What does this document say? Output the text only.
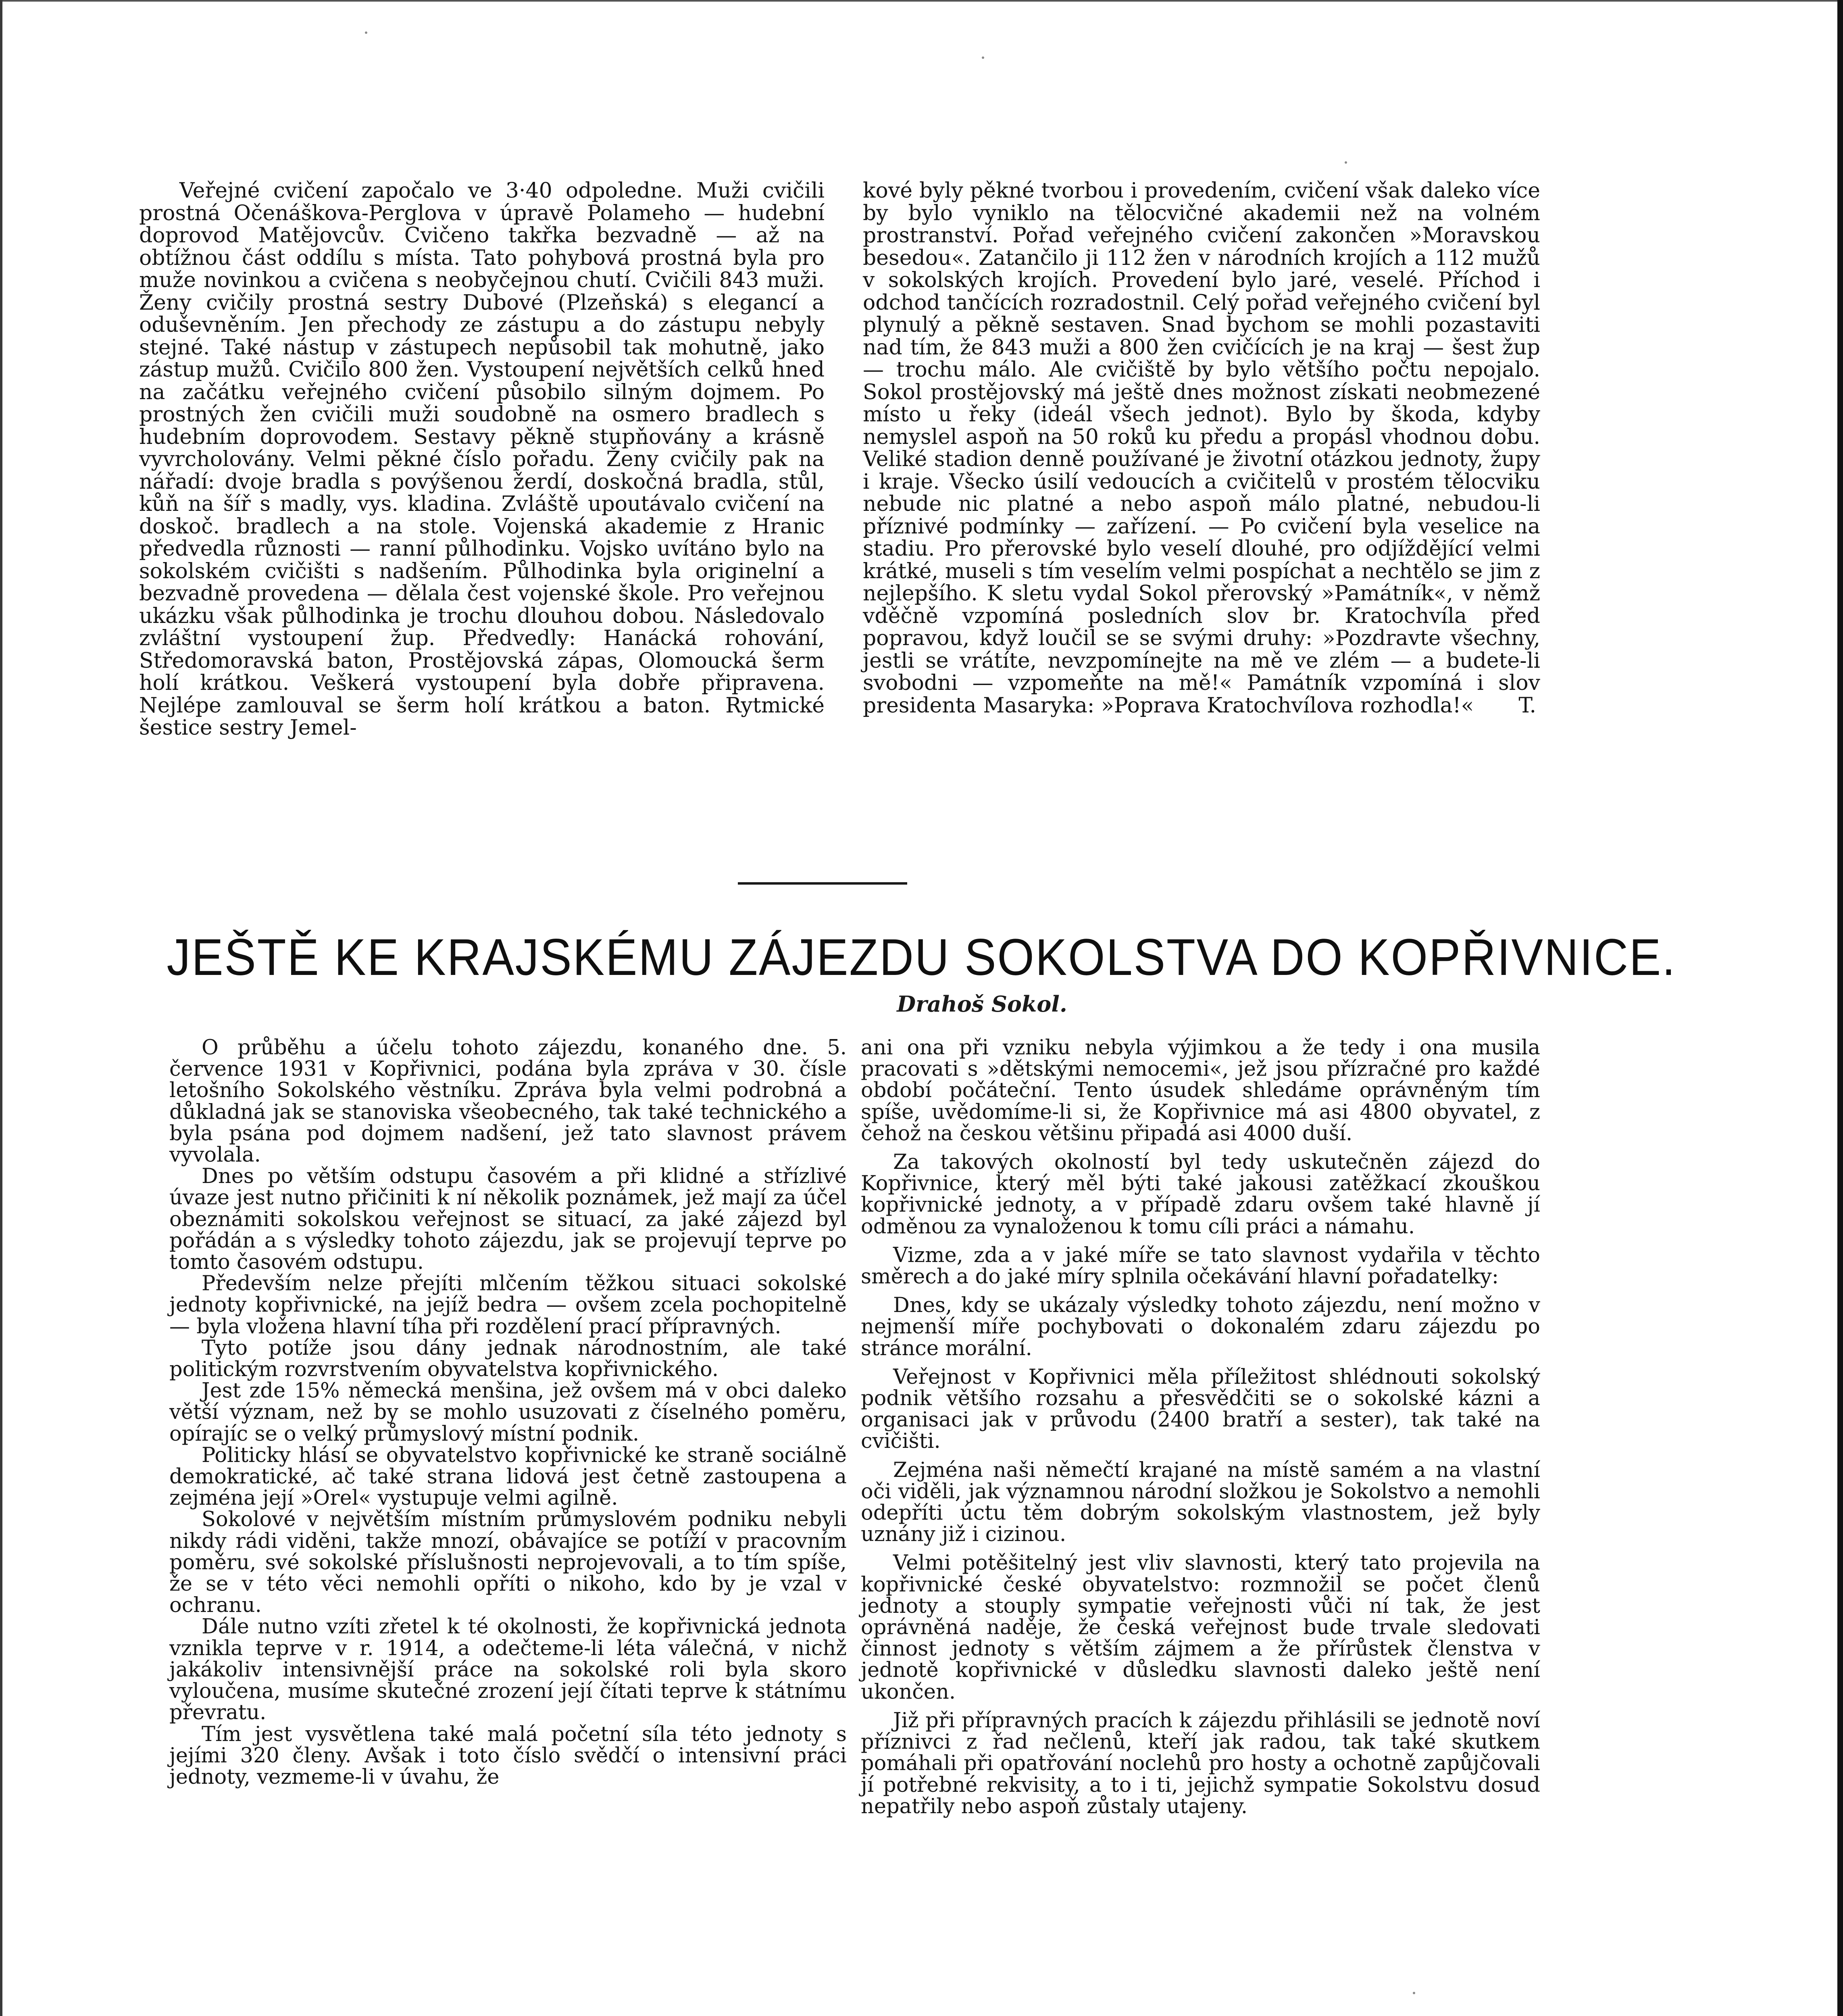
Veřejné cvičení započalo ve 3·40 odpoledne. Muži cvičili prostná Očenáškova-Perglova v úpravě Polameho — hudební doprovod Matějovcův. Cvičeno takřka bezvadně — až na obtížnou část oddílu s místa. Tato pohybová prostná byla pro muže novinkou a cvičena s neobyčejnou chutí. Cvičili 843 muži. Ženy cvičily prostná sestry Dubové (Plzeňská) s elegancí a oduševněním. Jen přechody ze zástupu a do zástupu nebyly stejné. Také nástup v zástupech nepůsobil tak mohutně, jako zástup mužů. Cvičilo 800 žen. Vystoupení největších celků hned na začátku veřejného cvičení působilo silným dojmem. Po prostných žen cvičili muži soudobně na osmero bradlech s hudebním doprovodem. Sestavy pěkně stupňovány a krásně vyvrcholovány. Velmi pěkné číslo pořadu. Ženy cvičily pak na nářadí: dvoje bradla s povýšenou žerdí, doskočná bradla, stůl, kůň na šíř s madly, vys. kladina. Zvláště upoutávalo cvičení na doskoč. bradlech a na stole. Vojenská akademie z Hranic předvedla různosti — ranní půlhodinku. Vojsko uvítáno bylo na sokolském cvičišti s nadšením. Půlhodinka byla originelní a bezvadně provedena — dělala čest vojenské škole. Pro veřejnou ukázku však půlhodinka je trochu dlouhou dobou. Následovalo zvláštní vystoupení žup. Předvedly: Hanácká rohování, Středomoravská baton, Prostějovská zápas, Olomoucká šerm holí krátkou. Veškerá vystoupení byla dobře připravena. Nejlépe zamlouval se šerm holí krátkou a baton. Rytmické šestice sestry Jemel-

kové byly pěkné tvorbou i provedením, cvičení však daleko více by bylo vyniklo na tělocvičné akademii než na volném prostranství. Pořad veřejného cvičení zakončen »Moravskou besedou«. Zatančilo ji 112 žen v národních krojích a 112 mužů v sokolských krojích. Provedení bylo jaré, veselé. Příchod i odchod tančících rozradostnil. Celý pořad veřejného cvičení byl plynulý a pěkně sestaven. Snad bychom se mohli pozastaviti nad tím, že 843 muži a 800 žen cvičících je na kraj — šest žup — trochu málo. Ale cvičiště by bylo většího počtu nepojalo. Sokol prostějovský má ještě dnes možnost získati neobmezené místo u řeky (ideál všech jednot). Bylo by škoda, kdyby nemyslel aspoň na 50 roků ku předu a propásl vhodnou dobu. Veliké stadion denně používané je životní otázkou jednoty, župy i kraje. Všecko úsilí vedoucích a cvičitelů v prostém tělocviku nebude nic platné a nebo aspoň málo platné, nebudou-li příznivé podmínky — zařízení. — Po cvičení byla veselice na stadiu. Pro přerovské bylo veselí dlouhé, pro odjíždějící velmi krátké, museli s tím veselím velmi pospíchat a nechtělo se jim z nejlepšího. K sletu vydal Sokol přerovský »Památník«, v němž vděčně vzpomíná posledních slov br. Kratochvíla před popravou, když loučil se se svými druhy: »Pozdravte všechny, jestli se vrátíte, nevzpomínejte na mě ve zlém — a budete-li svobodni — vzpomeňte na mě!« Památník vzpomíná i slov presidenta Masaryka: »Poprava Kratochvílova rozhodla!« T.

JEŠTĚ KE KRAJSKÉMU ZÁJEZDU SOKOLSTVA DO KOPŘIVNICE.
Drahoš Sokol.

O průběhu a účelu tohoto zájezdu, konaného dne. 5. července 1931 v Kopřivnici, podána byla zpráva v 30. čísle letošního Sokolského věstníku. Zpráva byla velmi podrobná a důkladná jak se stanoviska všeobecného, tak také technického a byla psána pod dojmem nadšení, jež tato slavnost právem vyvolala.

Dnes po větším odstupu časovém a při klidné a střízlivé úvaze jest nutno přičiniti k ní několik poznámek, jež mají za účel obeznámiti sokolskou veřejnost se situací, za jaké zájezd byl pořádán a s výsledky tohoto zájezdu, jak se projevují teprve po tomto časovém odstupu.

Především nelze přejíti mlčením těžkou situaci sokolské jednoty kopřivnické, na jejíž bedra — ovšem zcela pochopitelně — byla vložena hlavní tíha při rozdělení prací přípravných.

Tyto potíže jsou dány jednak národnostním, ale také politickým rozvrstvením obyvatelstva kopřivnického.

Jest zde 15% německá menšina, jež ovšem má v obci daleko větší význam, než by se mohlo usuzovati z číselného poměru, opírajíc se o velký průmyslový místní podnik.

Politicky hlásí se obyvatelstvo kopřivnické ke straně sociálně demokratické, ač také strana lidová jest četně zastoupena a zejména její »Orel« vystupuje velmi agilně.

Sokolové v největším místním průmyslovém podniku nebyli nikdy rádi viděni, takže mnozí, obávajíce se potíží v pracovním poměru, své sokolské příslušnosti neprojevovali, a to tím spíše, že se v této věci nemohli opříti o nikoho, kdo by je vzal v ochranu.

Dále nutno vzíti zřetel k té okolnosti, že kopřivnická jednota vznikla teprve v r. 1914, a odečteme-li léta válečná, v nichž jakákoliv intensivnější práce na sokolské roli byla skoro vyloučena, musíme skutečné zrození její čítati teprve k státnímu převratu.

Tím jest vysvětlena také malá početní síla této jednoty s jejími 320 členy. Avšak i toto číslo svědčí o intensivní práci jednoty, vezmeme-li v úvahu, že

ani ona při vzniku nebyla výjimkou a že tedy i ona musila pracovati s »dětskými nemocemi«, jež jsou přízračné pro každé období počáteční. Tento úsudek shledáme oprávněným tím spíše, uvědomíme-li si, že Kopřivnice má asi 4800 obyvatel, z čehož na českou většinu připadá asi 4000 duší.

Za takových okolností byl tedy uskutečněn zájezd do Kopřivnice, který měl býti také jakousi zatěžkací zkouškou kopřivnické jednoty, a v případě zdaru ovšem také hlavně jí odměnou za vynaloženou k tomu cíli práci a námahu.

Vizme, zda a v jaké míře se tato slavnost vydařila v těchto směrech a do jaké míry splnila očekávání hlavní pořadatelky:

Dnes, kdy se ukázaly výsledky tohoto zájezdu, není možno v nejmenší míře pochybovati o dokonalém zdaru zájezdu po stránce morální.

Veřejnost v Kopřivnici měla příležitost shlédnouti sokolský podnik většího rozsahu a přesvědčiti se o sokolské kázni a organisaci jak v průvodu (2400 bratří a sester), tak také na cvičišti.

Zejména naši němečtí krajané na místě samém a na vlastní oči viděli, jak významnou národní složkou je Sokolstvo a nemohli odepříti úctu těm dobrým sokolským vlastnostem, jež byly uznány již i cizinou.

Velmi potěšitelný jest vliv slavnosti, který tato projevila na kopřivnické české obyvatelstvo: rozmnožil se počet členů jednoty a stouply sympatie veřejnosti vůči ní tak, že jest oprávněná naděje, že česká veřejnost bude trvale sledovati činnost jednoty s větším zájmem a že přírůstek členstva v jednotě kopřivnické v důsledku slavnosti daleko ještě není ukončen.

Již při přípravných pracích k zájezdu přihlásili se jednotě noví příznivci z řad nečlenů, kteří jak radou, tak také skutkem pomáhali při opatřování noclehů pro hosty a ochotně zapůjčovali jí potřebné rekvisity, a to i ti, jejichž sympatie Sokolstvu dosud nepatřily nebo aspoň zůstaly utajeny.
